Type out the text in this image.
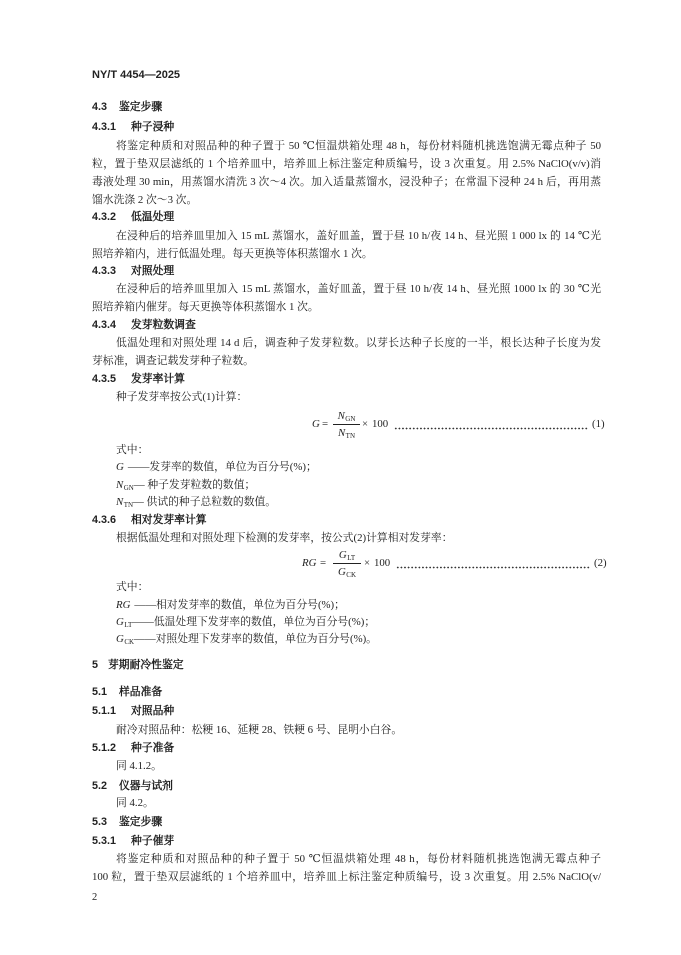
NY/T 4454—2025
4.3 鉴定步骤
4.3.1 种子浸种
将鉴定种质和对照品种的种子置于 50 ℃恒温烘箱处理 48 h，每份材料随机挑选饱满无霉点种子 50
粒，置于垫双层滤纸的 1 个培养皿中，培养皿上标注鉴定种质编号，设 3 次重复。用 2.5% NaClO(v/v)消
毒液处理 30 min，用蒸馏水清洗 3 次～4 次。加入适量蒸馏水，浸没种子；在常温下浸种 24 h 后，再用蒸
馏水洗涤 2 次～3 次。
4.3.2 低温处理
在浸种后的培养皿里加入 15 mL 蒸馏水，盖好皿盖，置于昼 10 h/夜 14 h、昼光照 1 000 lx 的 14 ℃光
照培养箱内，进行低温处理。每天更换等体积蒸馏水 1 次。
4.3.3 对照处理
在浸种后的培养皿里加入 15 mL 蒸馏水，盖好皿盖，置于昼 10 h/夜 14 h、昼光照 1000 lx 的 30 ℃光
照培养箱内催芽。每天更换等体积蒸馏水 1 次。
4.3.4 发芽粒数调查
低温处理和对照处理 14 d 后，调查种子发芽粒数。以芽长达种子长度的一半，根长达种子长度为发
芽标准，调查记载发芽种子粒数。
4.3.5 发芽率计算
种子发芽率按公式(1)计算：
G =
NGN
NTN
× 100	(1)
式中：
G ——发芽率的数值，单位为百分号(%)；
NGN— 种子发芽粒数的数值；
NTN— 供试的种子总粒数的数值。
4.3.6 相对发芽率计算
根据低温处理和对照处理下检测的发芽率，按公式(2)计算相对发芽率：
RG =
GLT
GCK
× 100	(2)
式中：
RG ——相对发芽率的数值，单位为百分号(%)；
GLT——低温处理下发芽率的数值，单位为百分号(%)；
GCK——对照处理下发芽率的数值，单位为百分号(%)。
5 芽期耐冷性鉴定
5.1 样品准备
5.1.1 对照品种
耐冷对照品种：松粳 16、延粳 28、铁粳 6 号、昆明小白谷。
5.1.2 种子准备
同 4.1.2。
5.2 仪器与试剂
同 4.2。
5.3 鉴定步骤
5.3.1 种子催芽
将鉴定种质和对照品种的种子置于 50 ℃恒温烘箱处理 48 h，每份材料随机挑选饱满无霉点种子
100 粒，置于垫双层滤纸的 1 个培养皿中，培养皿上标注鉴定种质编号，设 3 次重复。用 2.5% NaClO(v/
2
